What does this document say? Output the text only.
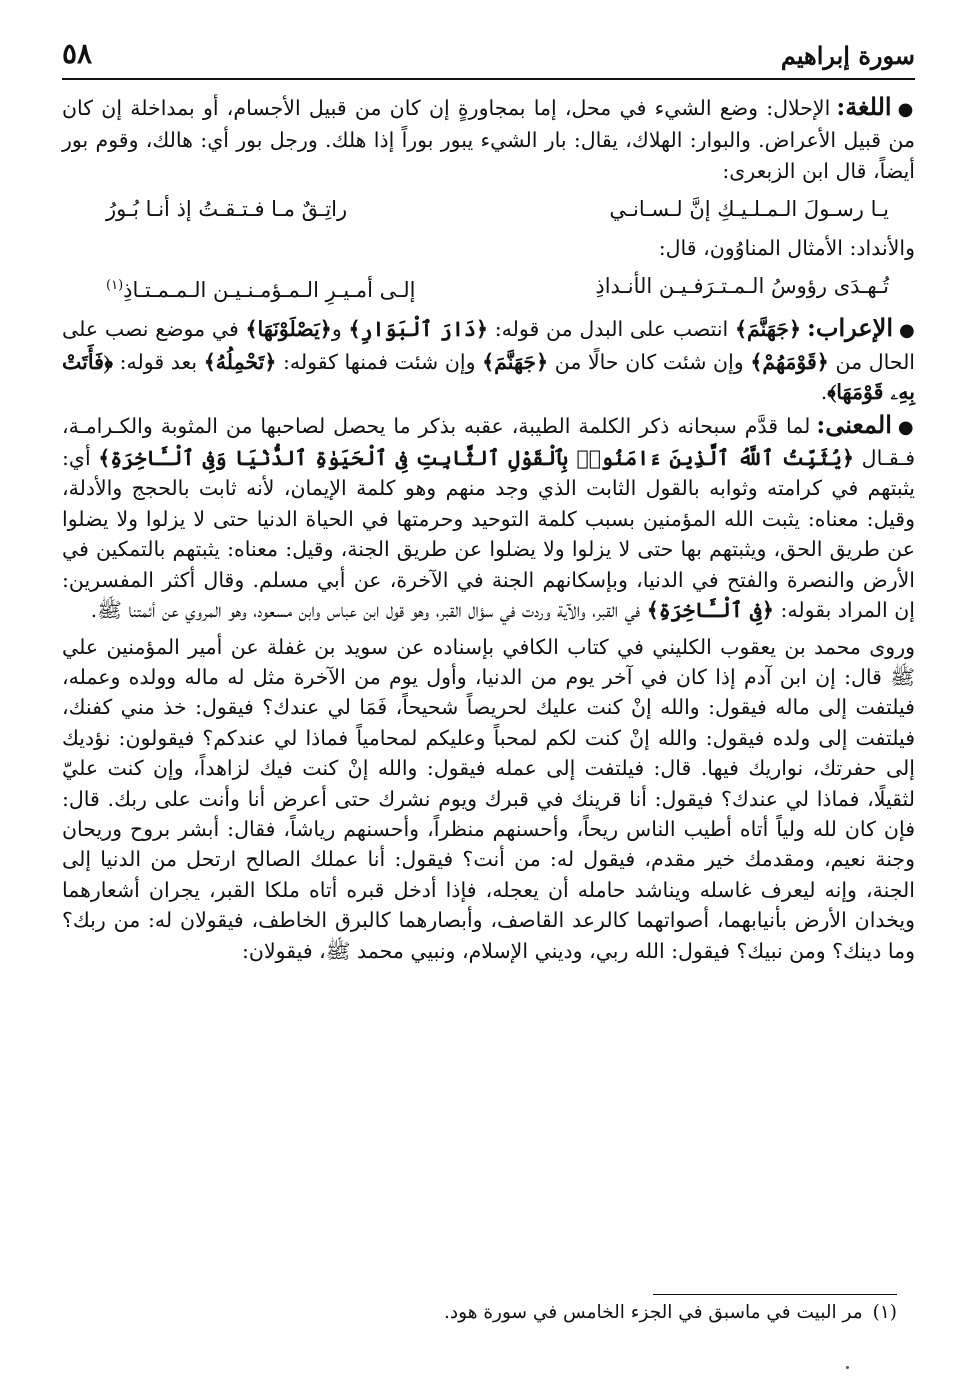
سورة إبراهيم
٥٨

●اللغة:الإحلال: وضع الشيء في محل، إما بمجاورةٍ إن كان من قبيل الأجسام، أو بمداخلة إن كان من قبيل الأعراض. والبوار: الهلاك، يقال: بار الشيء يبور بوراً إذا هلك. ورجل بور أي: هالك، وقوم بور أيضاً، قال ابن الزبعرى:

يـا رسـولَ الـمـلـيـكِ إنَّ لـسـانـي
راتِـقٌ مـا فـتـقـتُ إذ أنـا بُـورُ

والأنداد: الأمثال المناوُون، قال:

تُـهـدَى رؤوسُ الـمـتـرَفـيـن الأنـداذِ
إلـى أمـيـرِ الـمـؤمـنـيـن الـمـمـتـاذِ$^{(١)}$

●الإعراب:﴿جَهَنَّمَ﴾ انتصب على البدل من قوله: ﴿دَارَ ٱلْبَوَارِ﴾ و﴿يَصْلَوْنَهَا﴾ في موضع نصب على الحال من ﴿قَوْمَهُمْ﴾ وإن شئت كان حالًا من ﴿جَهَنَّمَ﴾ وإن شئت فمنها كقوله: ﴿تَحْمِلُهُ﴾ بعد قوله: ﴿فَأَتَتْ بِهِۦ قَوْمَهَا﴾.

●المعنى:لما قدَّم سبحانه ذكر الكلمة الطيبة، عقبه بذكر ما يحصل لصاحبها من المثوبة والكـرامـة، فـقـال ﴿يُثَبِّتُ ٱللَّهُ ٱلَّذِينَ ءَامَنُوا۟ بِٱلْقَوْلِ ٱلثَّابِتِ فِى ٱلْحَيَوٰةِ ٱلدُّنْيَا وَفِى ٱلْـَٔاخِرَةِ﴾ أي: يثبتهم في كرامته وثوابه بالقول الثابت الذي وجد منهم وهو كلمة الإيمان، لأنه ثابت بالحجج والأدلة، وقيل: معناه: يثبت الله المؤمنين بسبب كلمة التوحيد وحرمتها في الحياة الدنيا حتى لا يزلوا ولا يضلوا عن طريق الحق، ويثبتهم بها حتى لا يزلوا ولا يضلوا عن طريق الجنة، وقيل: معناه: يثبتهم بالتمكين في الأرض والنصرة والفتح في الدنيا، وبإسكانهم الجنة في الآخرة، عن أبي مسلم. وقال أكثر المفسرين: إن المراد بقوله: ﴿فِى ٱلْـَٔاخِرَةِ﴾ في القبر، والآية وردت في سؤال القبر، وهو قول ابن عباس وابن مسعود، وهو المروي عن أئمتنا ﷺ.

وروى محمد بن يعقوب الكليني في كتاب الكافي بإسناده عن سويد بن غفلة عن أمير المؤمنين علي ﷺ قال: إن ابن آدم إذا كان في آخر يوم من الدنيا، وأول يوم من الآخرة مثل له ماله وولده وعمله، فيلتفت إلى ماله فيقول: والله إنْ كنت عليك لحريصاً شحيحاً، فَمَا لي عندك؟ فيقول: خذ مني كفنك، فيلتفت إلى ولده فيقول: والله إنْ كنت لكم لمحباً وعليكم لمحامياً فماذا لي عندكم؟ فيقولون: نؤديك إلى حفرتك، نواريك فيها. قال: فيلتفت إلى عمله فيقول: والله إنْ كنت فيك لزاهداً، وإن كنت عليّ لثقيلًا، فماذا لي عندك؟ فيقول: أنا قرينك في قبرك ويوم نشرك حتى أعرض أنا وأنت على ربك. قال: فإن كان لله ولياً أتاه أطيب الناس ريحاً، وأحسنهم منظراً، وأحسنهم رياشاً، فقال: أبشر بروح وريحان وجنة نعيم، ومقدمك خير مقدم، فيقول له: من أنت؟ فيقول: أنا عملك الصالح ارتحل من الدنيا إلى الجنة، وإنه ليعرف غاسله ويناشد حامله أن يعجله، فإذا أدخل قبره أتاه ملكا القبر، يجران أشعارهما ويخدان الأرض بأنيابهما، أصواتهما كالرعد القاصف، وأبصارهما كالبرق الخاطف، فيقولان له: من ربك؟ وما دينك؟ ومن نبيك؟ فيقول: الله ربي، وديني الإسلام، ونبيي محمد ﷺ، فيقولان:

(١)
مر البيت في ماسبق في الجزء الخامس في سورة هود.
